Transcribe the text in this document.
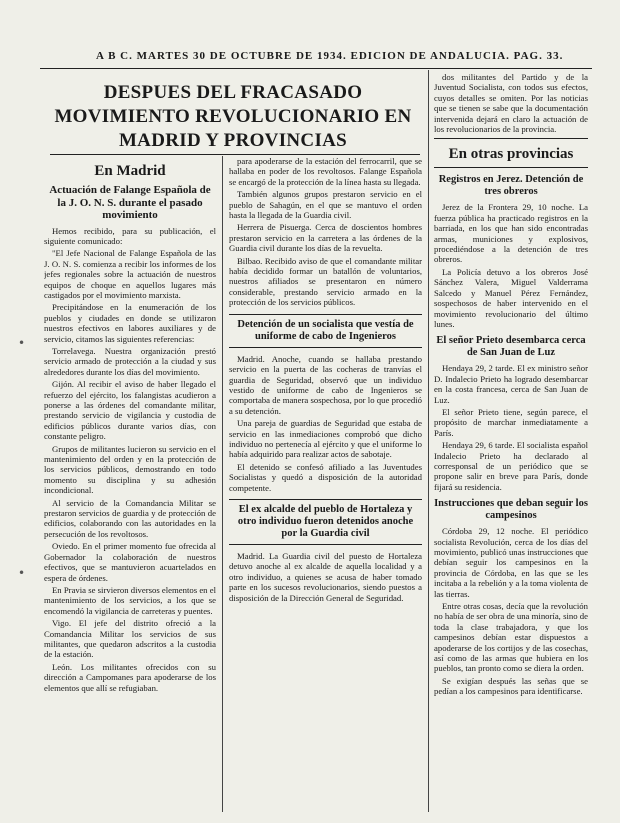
A B C. MARTES 30 DE OCTUBRE DE 1934. EDICION DE ANDALUCIA. PAG. 33.
DESPUES DEL FRACASADO MOVIMIENTO REVOLUCIONARIO EN MADRID Y PROVINCIAS
•
•
En Madrid
Actuación de Falange Española de la J. O. N. S. durante el pasado movimiento

Hemos recibido, para su publicación, el siguiente comunicado:

"El Jefe Nacional de Falange Española de las J. O. N. S. comienza a recibir los informes de los jefes regionales sobre la actuación de nuestros equipos de choque en aquellos lugares más castigados por el movimiento marxista.

Precipitándose en la enumeración de los pueblos y ciudades en donde se utilizaron nuestros efectivos en labores auxiliares y de servicio, citamos las siguientes referencias:

Torrelavega. Nuestra organización prestó servicio armado de protección a la ciudad y sus alrededores durante los días del movimiento.

Gijón. Al recibir el aviso de haber llegado el refuerzo del ejército, los falangistas acudieron a ponerse a las órdenes del comandante militar, prestando servicio de vigilancia y custodia de edificios públicos durante varios días, con constante peligro.

Grupos de militantes lucieron su servicio en el mantenimiento del orden y en la protección de los servicios públicos, demostrando en todo momento su disciplina y su adhesión incondicional.

Al servicio de la Comandancia Militar se prestaron servicios de guardia y de protección de edificios, colaborando con las autoridades en la persecución de los revoltosos.

Oviedo. En el primer momento fue ofrecida al Gobernador la colaboración de nuestros efectivos, que se mantuvieron acuartelados en espera de órdenes.

En Pravia se sirvieron diversos elementos en el mantenimiento de los servicios, a los que se encomendó la vigilancia de carreteras y puentes.

Vigo. El jefe del distrito ofreció a la Comandancia Militar los servicios de sus militantes, que quedaron adscritos a la custodia de la estación.

León. Los militantes ofrecidos con su dirección a Campomanes para apoderarse de los elementos que allí se refugiaban.

para apoderarse de la estación del ferrocarril, que se hallaba en poder de los revoltosos. Falange Española se encargó de la protección de la línea hasta su llegada.

También algunos grupos prestaron servicio en el pueblo de Sahagún, en el que se mantuvo el orden hasta la llegada de la Guardia civil.

Herrera de Pisuerga. Cerca de doscientos hombres prestaron servicio en la carretera a las órdenes de la Guardia civil durante los días de la revuelta.

Bilbao. Recibido aviso de que el comandante militar había decidido formar un batallón de voluntarios, nuestros afiliados se presentaron en número considerable, prestando servicio armado en la protección de los servicios públicos.

Detención de un socialista que vestía de uniforme de cabo de Ingenieros

Madrid. Anoche, cuando se hallaba prestando servicio en la puerta de las cocheras de tranvías el guardia de Seguridad, observó que un individuo vestido de uniforme de cabo de Ingenieros se comportaba de manera sospechosa, por lo que procedió a su detención.

Una pareja de guardias de Seguridad que estaba de servicio en las inmediaciones comprobó que dicho individuo no pertenecía al ejército y que el uniforme lo había adquirido para realizar actos de sabotaje.

El detenido se confesó afiliado a las Juventudes Socialistas y quedó a disposición de la autoridad competente.

El ex alcalde del pueblo de Hortaleza y otro individuo fueron detenidos anoche por la Guardia civil

Madrid. La Guardia civil del puesto de Hortaleza detuvo anoche al ex alcalde de aquella localidad y a otro individuo, a quienes se acusa de haber tomado parte en los sucesos revolucionarios, siendo puestos a disposición de la Dirección General de Seguridad.

dos militantes del Partido y de la Juventud Socialista, con todos sus efectos, cuyos detalles se omiten. Por las noticias que se tienen se sabe que la documentación intervenida dejará en claro la actuación de los revolucionarios de la provincia.

En otras provincias
Registros en Jerez. Detención de tres obreros

Jerez de la Frontera 29, 10 noche. La fuerza pública ha practicado registros en la barriada, en los que han sido encontradas armas, municiones y explosivos, procediéndose a la detención de tres obreros.

La Policía detuvo a los obreros José Sánchez Valera, Miguel Valderrama Salcedo y Manuel Pérez Fernández, sospechosos de haber intervenido en el movimiento revolucionario del último lunes.

El señor Prieto desembarca cerca de San Juan de Luz

Hendaya 29, 2 tarde. El ex ministro señor D. Indalecio Prieto ha logrado desembarcar en la costa francesa, cerca de San Juan de Luz.

El señor Prieto tiene, según parece, el propósito de marchar inmediatamente a París.

Hendaya 29, 6 tarde. El socialista español Indalecio Prieto ha declarado al corresponsal de un periódico que se propone salir en breve para París, donde fijará su residencia.

Instrucciones que deban seguir los campesinos

Córdoba 29, 12 noche. El periódico socialista Revolución, cerca de los días del movimiento, publicó unas instrucciones que debían seguir los campesinos en la provincia de Córdoba, en las que se les incitaba a la rebelión y a la toma violenta de las tierras.

Entre otras cosas, decía que la revolución no había de ser obra de una minoría, sino de toda la clase trabajadora, y que los campesinos debían estar dispuestos a apoderarse de los cortijos y de las cosechas, así como de las armas que hubiera en los pueblos, tan pronto como se diera la orden.

Se exigían después las señas que se pedían a los campesinos para identificarse.
